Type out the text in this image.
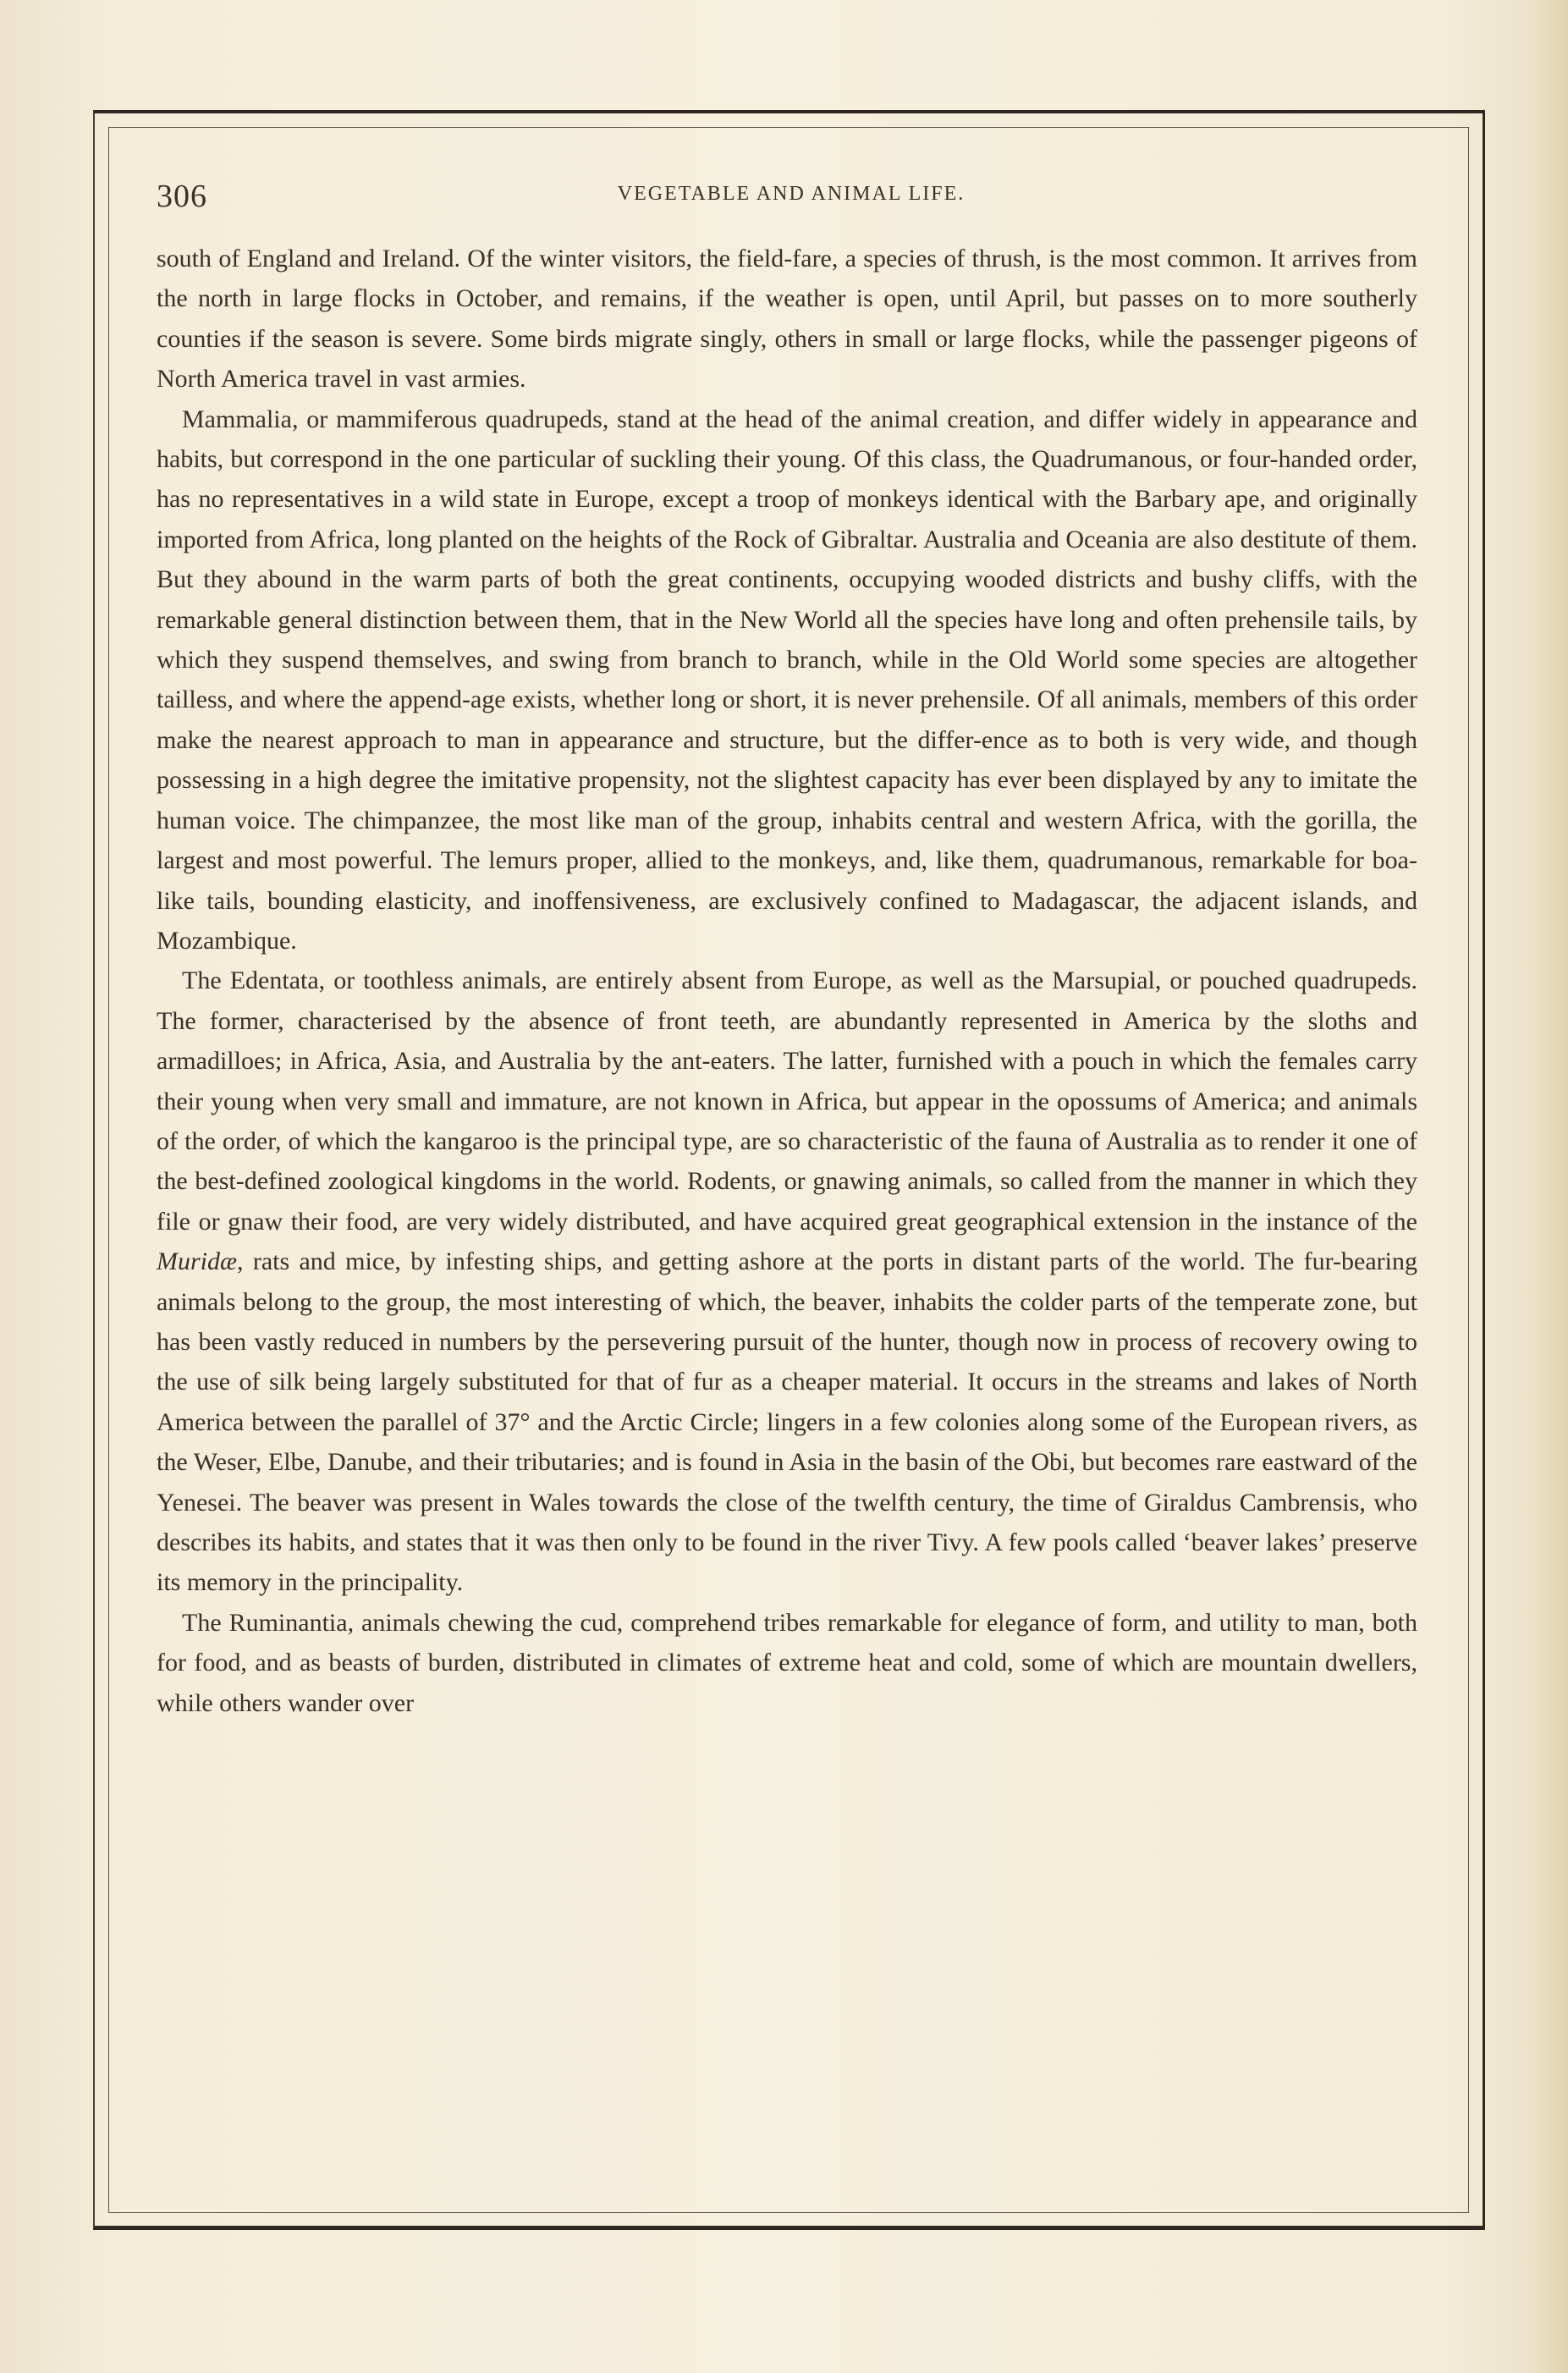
306	VEGETABLE AND ANIMAL LIFE.

south of England and Ireland. Of the winter visitors, the field-fare, a species of thrush, is the most common. It arrives from the north in large flocks in October, and remains, if the weather is open, until April, but passes on to more southerly counties if the season is severe. Some birds migrate singly, others in small or large flocks, while the passenger pigeons of North America travel in vast armies.

Mammalia, or mammiferous quadrupeds, stand at the head of the animal creation, and differ widely in appearance and habits, but correspond in the one particular of suckling their young. Of this class, the Quadrumanous, or four-handed order, has no representatives in a wild state in Europe, except a troop of monkeys identical with the Barbary ape, and originally imported from Africa, long planted on the heights of the Rock of Gibraltar. Australia and Oceania are also destitute of them. But they abound in the warm parts of both the great continents, occupying wooded districts and bushy cliffs, with the remarkable general distinction between them, that in the New World all the species have long and often prehensile tails, by which they suspend themselves, and swing from branch to branch, while in the Old World some species are altogether tailless, and where the append-age exists, whether long or short, it is never prehensile. Of all animals, members of this order make the nearest approach to man in appearance and structure, but the differ-ence as to both is very wide, and though possessing in a high degree the imitative propensity, not the slightest capacity has ever been displayed by any to imitate the human voice. The chimpanzee, the most like man of the group, inhabits central and western Africa, with the gorilla, the largest and most powerful. The lemurs proper, allied to the monkeys, and, like them, quadrumanous, remarkable for boa-like tails, bounding elasticity, and inoffensiveness, are exclusively confined to Madagascar, the adjacent islands, and Mozambique.

The Edentata, or toothless animals, are entirely absent from Europe, as well as the Marsupial, or pouched quadrupeds. The former, characterised by the absence of front teeth, are abundantly represented in America by the sloths and armadilloes; in Africa, Asia, and Australia by the ant-eaters. The latter, furnished with a pouch in which the females carry their young when very small and immature, are not known in Africa, but appear in the opossums of America; and animals of the order, of which the kangaroo is the principal type, are so characteristic of the fauna of Australia as to render it one of the best-defined zoological kingdoms in the world. Rodents, or gnawing animals, so called from the manner in which they file or gnaw their food, are very widely distributed, and have acquired great geographical extension in the instance of the Muridæ, rats and mice, by infesting ships, and getting ashore at the ports in distant parts of the world. The fur-bearing animals belong to the group, the most interesting of which, the beaver, inhabits the colder parts of the temperate zone, but has been vastly reduced in numbers by the persevering pursuit of the hunter, though now in process of recovery owing to the use of silk being largely substituted for that of fur as a cheaper material. It occurs in the streams and lakes of North America between the parallel of 37° and the Arctic Circle; lingers in a few colonies along some of the European rivers, as the Weser, Elbe, Danube, and their tributaries; and is found in Asia in the basin of the Obi, but becomes rare eastward of the Yenesei. The beaver was present in Wales towards the close of the twelfth century, the time of Giraldus Cambrensis, who describes its habits, and states that it was then only to be found in the river Tivy. A few pools called ‘beaver lakes’ preserve its memory in the principality.

The Ruminantia, animals chewing the cud, comprehend tribes remarkable for elegance of form, and utility to man, both for food, and as beasts of burden, distributed in climates of extreme heat and cold, some of which are mountain dwellers, while others wander over
